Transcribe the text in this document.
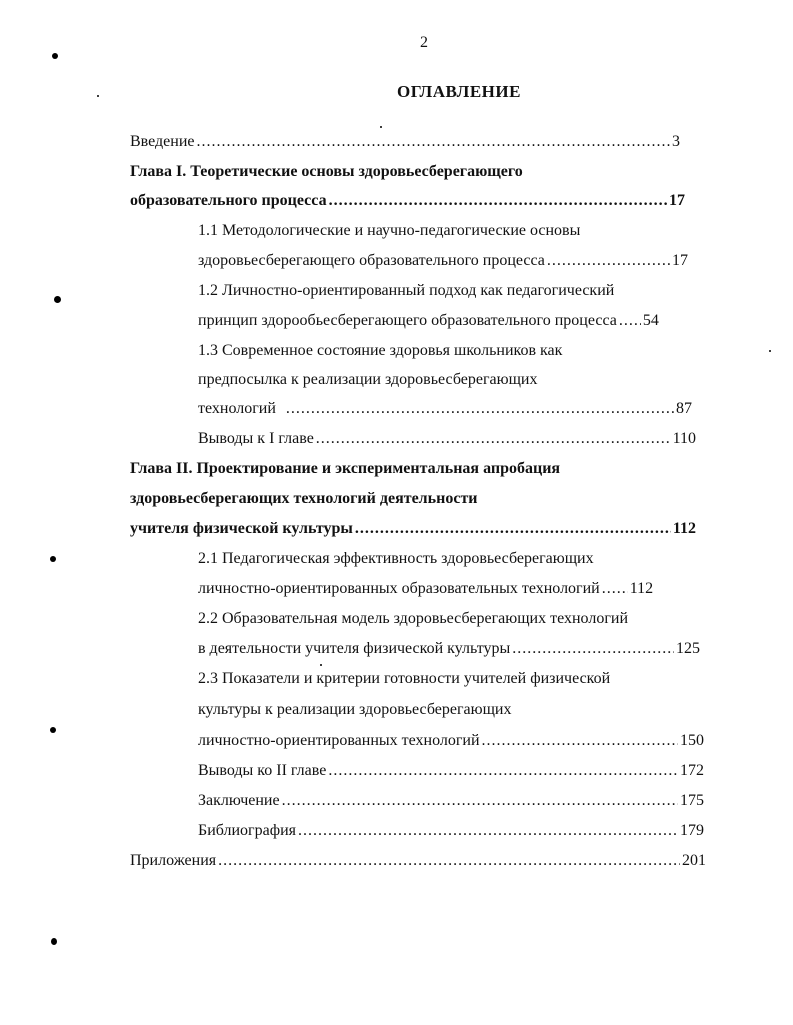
2
ОГЛАВЛЕНИЕ
Введение .....	3
Глава I. Теоретические основы здоровьесберегающего
образовательного процесса .....	17
1.1 Методологические и научно-педагогические основы
здоровьесберегающего образовательного процесса .....	17
1.2 Личностно-ориентированный подход как педагогический
принцип здорообьесберегающего образовательного процесса ..... 54
1.3 Современное состояние здоровья школьников как
предпосылка к реализации здоровьесберегающих
технологий .....	87
Выводы к I главе .....	110
Глава II. Проектирование и экспериментальная апробация
здоровьесберегающих технологий деятельности
учителя физической культуры .....	112
2.1 Педагогическая эффективность здоровьесберегающих
личностно-ориентированных образовательных технологий ..... 112
2.2 Образовательная модель здоровьесберегающих технологий
в деятельности учителя физической культуры .....	125
2.3 Показатели и критерии готовности учителей физической
культуры к реализации здоровьесберегающих
личностно-ориентированных технологий .....	150
Выводы ко II главе .....	172
Заключение .....	175
Библиография .....	179
Приложения .....	201
